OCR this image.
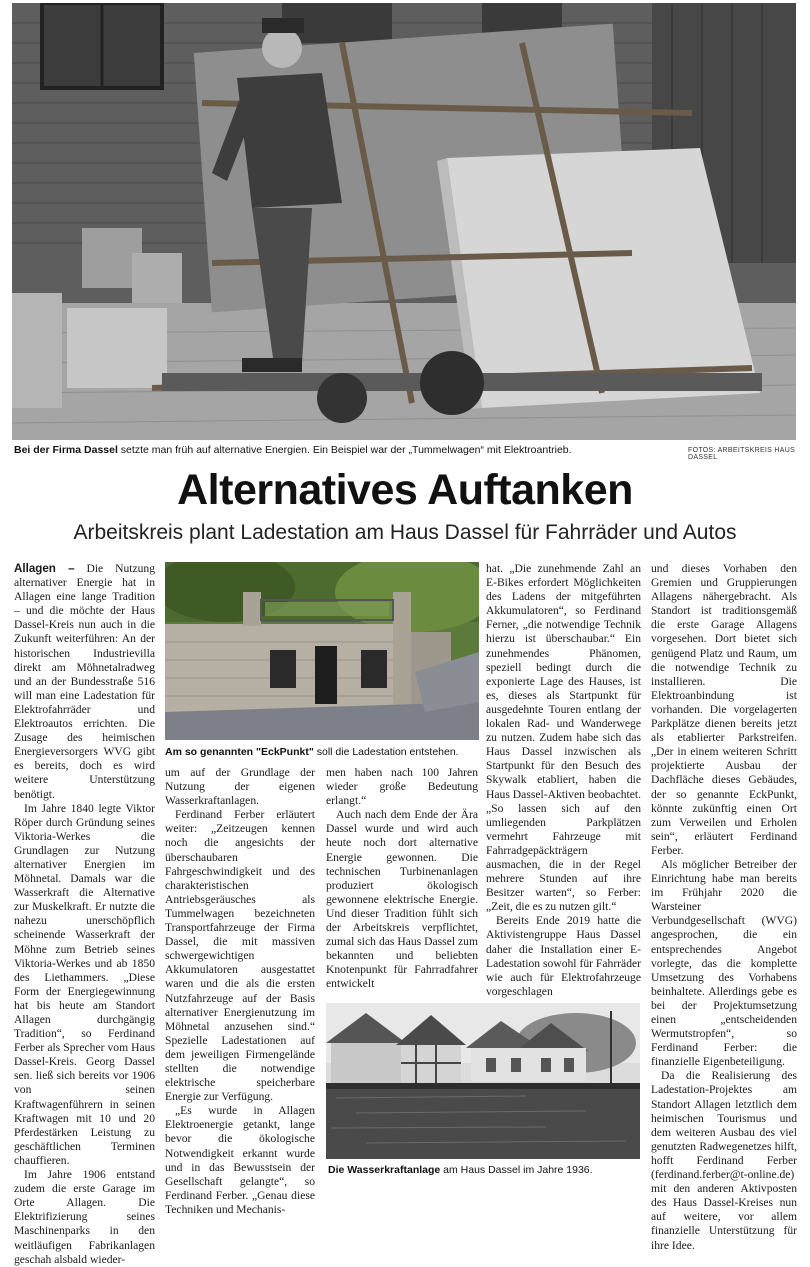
Bei der Firma Dassel setzte man früh auf alternative Energien. Ein Beispiel war der „Tummelwagen“ mit Elektroantrieb.	FOTOS: ARBEITSKREIS HAUS DASSEL
Alternatives Auftanken
Arbeitskreis plant Ladestation am Haus Dassel für Fahrräder und Autos

Allagen – Die Nutzung alternativer Energie hat in Allagen eine lange Tradition – und die möchte der Haus Dassel-Kreis nun auch in die Zukunft weiterführen: An der historischen Industrievilla direkt am Möhnetalradweg und an der Bundesstraße 516 will man eine Ladestation für Elektrofahrräder und Elektroautos errichten. Die Zusage des heimischen Energieversorgers WVG gibt es bereits, doch es wird weitere Unterstützung benötigt.

Im Jahre 1840 legte Viktor Röper durch Gründung seines Viktoria-Werkes die Grundlagen zur Nutzung alternativer Energien im Möhnetal. Damals war die Wasserkraft die Alternative zur Muskelkraft. Er nutzte die nahezu unerschöpflich scheinende Wasserkraft der Möhne zum Betrieb seines Viktoria-Werkes und ab 1850 des Liethammers. „Diese Form der Energiegewinnung hat bis heute am Standort Allagen durchgängig Tradition“, so Ferdinand Ferber als Sprecher vom Haus Dassel-Kreis. Georg Dassel sen. ließ sich bereits vor 1906 von seinen Kraftwagenführern in seinen Kraftwagen mit 10 und 20 Pferdestärken Leistung zu geschäftlichen Terminen chauffieren.

Im Jahre 1906 entstand zudem die erste Garage im Orte Allagen. Die Elektrifizierung seines Maschinenparks in den weitläufigen Fabrikanlagen geschah alsbald wieder-

Am so genannten "EckPunkt" soll die Ladestation entstehen.

um auf der Grundlage der Nutzung der eigenen Wasserkraftanlagen.

Ferdinand Ferber erläutert weiter: „Zeitzeugen kennen noch die angesichts der überschaubaren Fahrgeschwindigkeit und des charakteristischen Antriebsgeräusches als Tummelwagen bezeichneten Transportfahrzeuge der Firma Dassel, die mit massiven schwergewichtigen Akkumulatoren ausgestattet waren und die als die ersten Nutzfahrzeuge auf der Basis alternativer Energienutzung im Möhnetal anzusehen sind.“ Spezielle Ladestationen auf dem jeweiligen Firmengelände stellten die notwendige elektrische speicherbare Energie zur Verfügung.

„Es wurde in Allagen Elektroenergie getankt, lange bevor die ökologische Notwendigkeit erkannt wurde und in das Bewusstsein der Gesellschaft gelangte“, so Ferdinand Ferber. „Genau diese Techniken und Mechanis-

men haben nach 100 Jahren wieder große Bedeutung erlangt.“

Auch nach dem Ende der Ära Dassel wurde und wird auch heute noch dort alternative Energie gewonnen. Die technischen Turbinenanlagen produziert ökologisch gewonnene elektrische Energie. Und dieser Tradition fühlt sich der Arbeitskreis verpflichtet, zumal sich das Haus Dassel zum bekannten und beliebten Knotenpunkt für Fahrradfahrer entwickelt

Die Wasserkraftanlage am Haus Dassel im Jahre 1936.

hat. „Die zunehmende Zahl an E-Bikes erfordert Möglichkeiten des Ladens der mitgeführten Akkumulatoren“, so Ferdinand Ferner, „die notwendige Technik hierzu ist überschaubar.“ Ein zunehmendes Phänomen, speziell bedingt durch die exponierte Lage des Hauses, ist es, dieses als Startpunkt für ausgedehnte Touren entlang der lokalen Rad- und Wanderwege zu nutzen. Zudem habe sich das Haus Dassel inzwischen als Startpunkt für den Besuch des Skywalk etabliert, haben die Haus Dassel-Aktiven beobachtet. „So lassen sich auf den umliegenden Parkplätzen vermehrt Fahrzeuge mit Fahrradgepäckträgern ausmachen, die in der Regel mehrere Stunden auf ihre Besitzer warten“, so Ferber: „Zeit, die es zu nutzen gilt.“

Bereits Ende 2019 hatte die Aktivistengruppe Haus Dassel daher die Installation einer E-Ladestation sowohl für Fahrräder wie auch für Elektrofahrzeuge vorgeschlagen

und dieses Vorhaben den Gremien und Gruppierungen Allagens nähergebracht. Als Standort ist traditionsgemäß die erste Garage Allagens vorgesehen. Dort bietet sich genügend Platz und Raum, um die notwendige Technik zu installieren. Die Elektroanbindung ist vorhanden. Die vorgelagerten Parkplätze dienen bereits jetzt als etablierter Parkstreifen. „Der in einem weiteren Schritt projektierte Ausbau der Dachfläche dieses Gebäudes, der so genannte EckPunkt, könnte zukünftig einen Ort zum Verweilen und Erholen sein“, erläutert Ferdinand Ferber.

Als möglicher Betreiber der Einrichtung habe man bereits im Frühjahr 2020 die Warsteiner Verbundgesellschaft (WVG) angesprochen, die ein entsprechendes Angebot vorlegte, das die komplette Umsetzung des Vorhabens beinhaltete. Allerdings gebe es bei der Projektumsetzung einen „entscheidenden Wermutstropfen“, so Ferdinand Ferber: die finanzielle Eigenbeteiligung.

Da die Realisierung des Ladestation-Projektes am Standort Allagen letztlich dem heimischen Tourismus und dem weiteren Ausbau des viel genutzten Radwegenetzes hilft, hofft Ferdinand Ferber (ferdinand.ferber@t-online.de) mit den anderen Aktivposten des Haus Dassel-Kreises nun auf weitere, vor allem finanzielle Unterstützung für ihre Idee.
